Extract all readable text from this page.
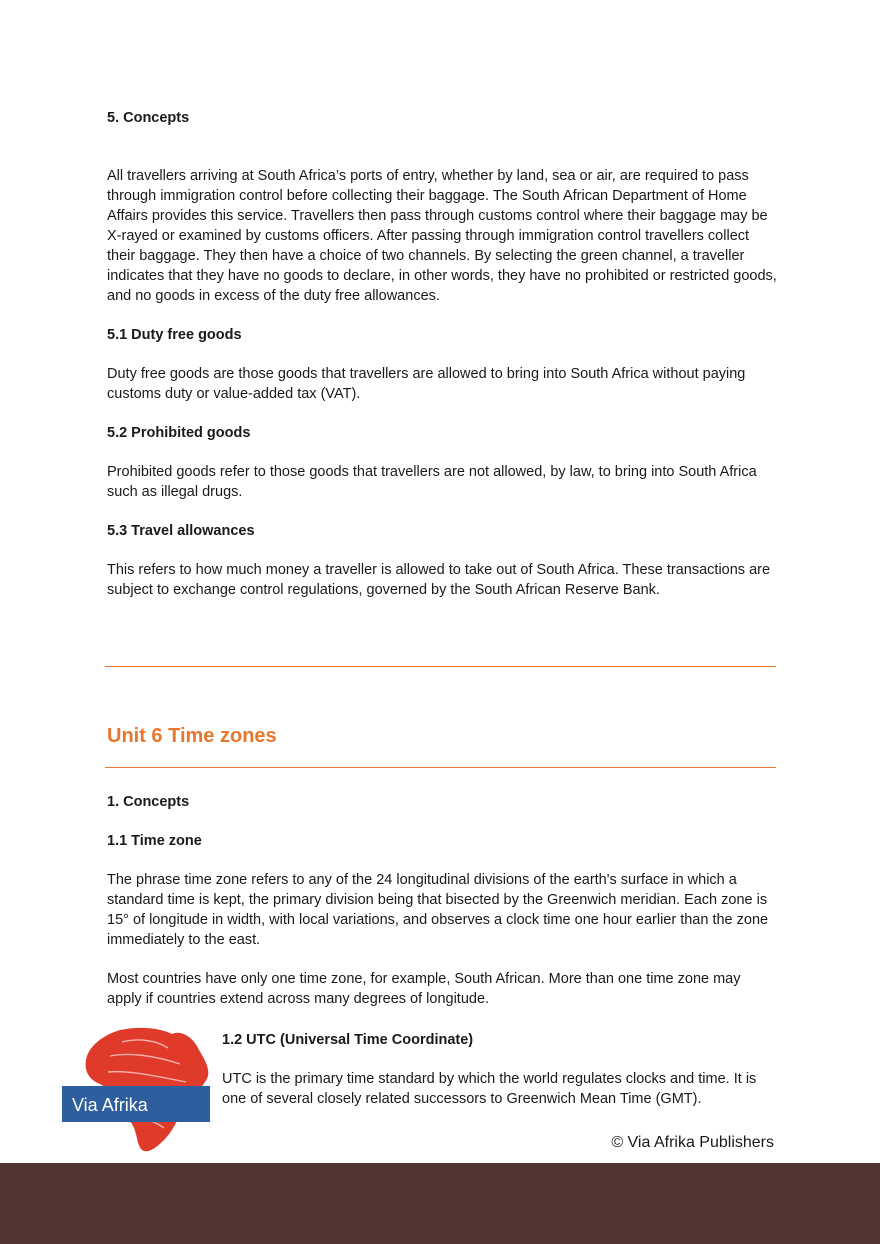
5. Concepts

All travellers arriving at South Africa’s ports of entry, whether by land, sea or air, are required to pass through immigration control before collecting their baggage. The South African Department of Home Affairs provides this service. Travellers then pass through customs control where their baggage may be X-rayed or examined by customs officers. After passing through immigration control travellers collect their baggage. They then have a choice of two channels. By selecting the green channel, a traveller indicates that they have no goods to declare, in other words, they have no prohibited or restricted goods, and no goods in excess of the duty free allowances.

5.1 Duty free goods

Duty free goods are those goods that travellers are allowed to bring into South Africa without paying customs duty or value-added tax (VAT).

5.2 Prohibited goods

Prohibited goods refer to those goods that travellers are not allowed, by law, to bring into South Africa such as illegal drugs.

5.3 Travel allowances

This refers to how much money a traveller is allowed to take out of South Africa. These transactions are subject to exchange control regulations, governed by the South African Reserve Bank.

Unit 6 Time zones

1. Concepts

1.1 Time zone

The phrase time zone refers to any of the 24 longitudinal divisions of the earth's surface in which a standard time is kept, the primary division being that bisected by the Greenwich meridian. Each zone is 15° of longitude in width, with local variations, and observes a clock time one hour earlier than the zone immediately to the east.

Most countries have only one time zone, for example, South African. More than one time zone may apply if countries extend across many degrees of longitude.

1.2 UTC (Universal Time Coordinate)

UTC is the primary time standard by which the world regulates clocks and time. It is one of several closely related successors to Greenwich Mean Time (GMT).

Via Afrika

© Via Afrika Publishers
